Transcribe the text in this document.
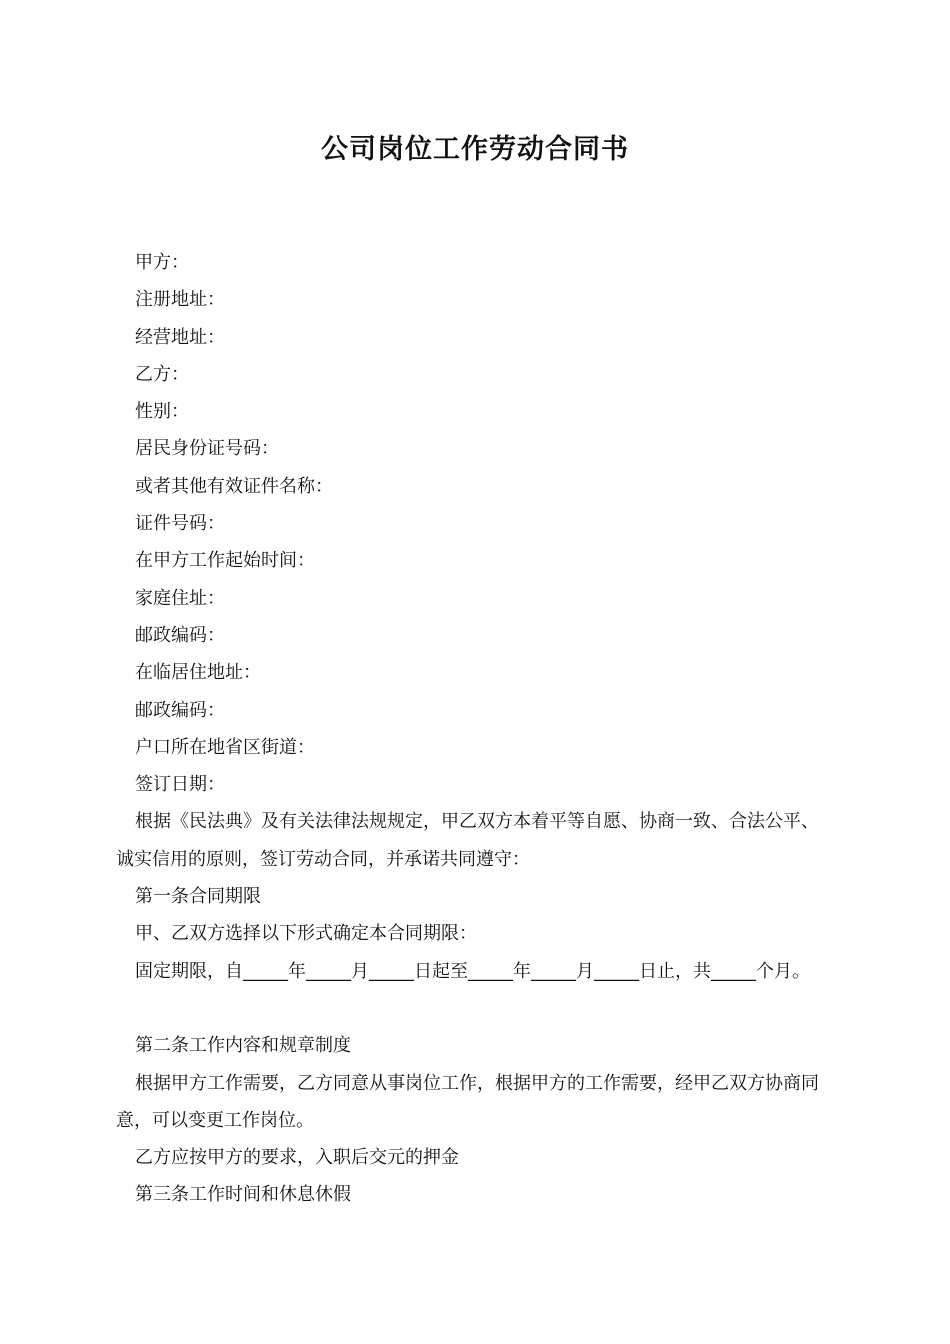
公司岗位工作劳动合同书

甲方：

注册地址：

经营地址：

乙方：

性别：

居民身份证号码：

或者其他有效证件名称：

证件号码：

在甲方工作起始时间：

家庭住址：

邮政编码：

在临居住地址：

邮政编码：

户口所在地省区街道：

签订日期：

根据《民法典》及有关法律法规规定，甲乙双方本着平等自愿、协商一致、合法公平、诚实信用的原则，签订劳动合同，并承诺共同遵守：

第一条合同期限

甲、乙双方选择以下形式确定本合同期限：

固定期限，自_____年_____月_____日起至_____年_____月_____日止，共_____个月。

第二条工作内容和规章制度

根据甲方工作需要，乙方同意从事岗位工作，根据甲方的工作需要，经甲乙双方协商同意，可以变更工作岗位。

乙方应按甲方的要求，入职后交元的押金

第三条工作时间和休息休假
